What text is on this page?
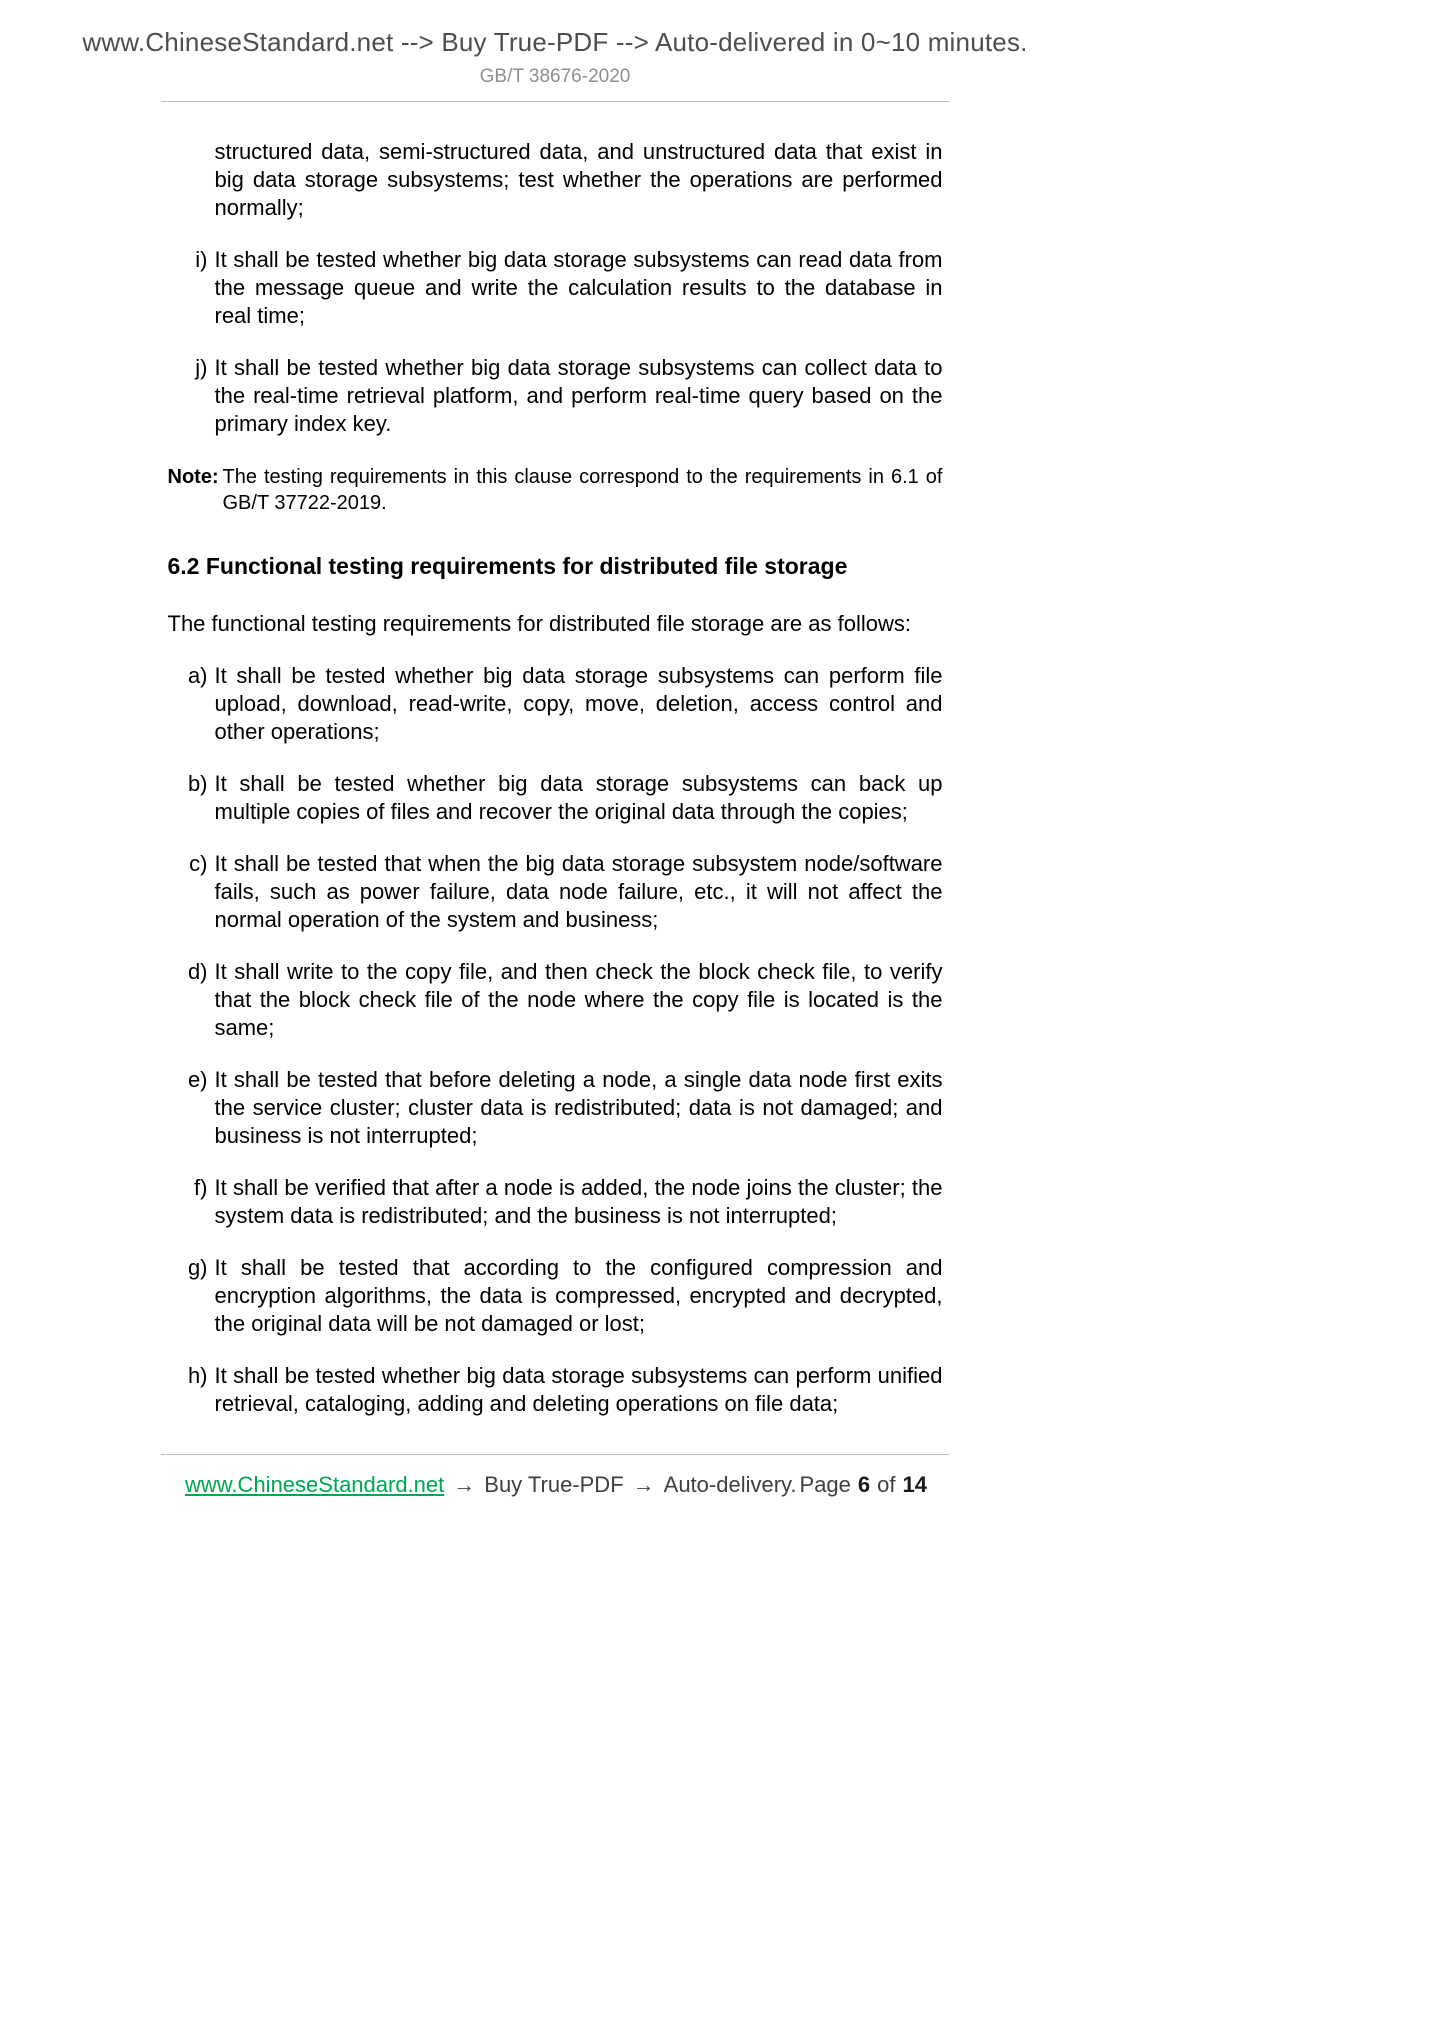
www.ChineseStandard.net --> Buy True-PDF --> Auto-delivered in 0~10 minutes.
GB/T 38676-2020

structured data, semi-structured data, and unstructured data that exist in big data storage subsystems; test whether the operations are performed normally;

i) It shall be tested whether big data storage subsystems can read data from the message queue and write the calculation results to the database in real time;
j) It shall be tested whether big data storage subsystems can collect data to the real-time retrieval platform, and perform real-time query based on the primary index key.
Note: The testing requirements in this clause correspond to the requirements in 6.1 of GB/T 37722-2019.
6.2 Functional testing requirements for distributed file storage

The functional testing requirements for distributed file storage are as follows:

a) It shall be tested whether big data storage subsystems can perform file upload, download, read-write, copy, move, deletion, access control and other operations;
b) It shall be tested whether big data storage subsystems can back up multiple copies of files and recover the original data through the copies;
c) It shall be tested that when the big data storage subsystem node/software fails, such as power failure, data node failure, etc., it will not affect the normal operation of the system and business;
d) It shall write to the copy file, and then check the block check file, to verify that the block check file of the node where the copy file is located is the same;
e) It shall be tested that before deleting a node, a single data node first exits the service cluster; cluster data is redistributed; data is not damaged; and business is not interrupted;
f) It shall be verified that after a node is added, the node joins the cluster; the system data is redistributed; and the business is not interrupted;
g) It shall be tested that according to the configured compression and encryption algorithms, the data is compressed, encrypted and decrypted, the original data will be not damaged or lost;
h) It shall be tested whether big data storage subsystems can perform unified retrieval, cataloging, adding and deleting operations on file data;
www.ChineseStandard.net → Buy True-PDF → Auto-delivery. Page 6 of 14
